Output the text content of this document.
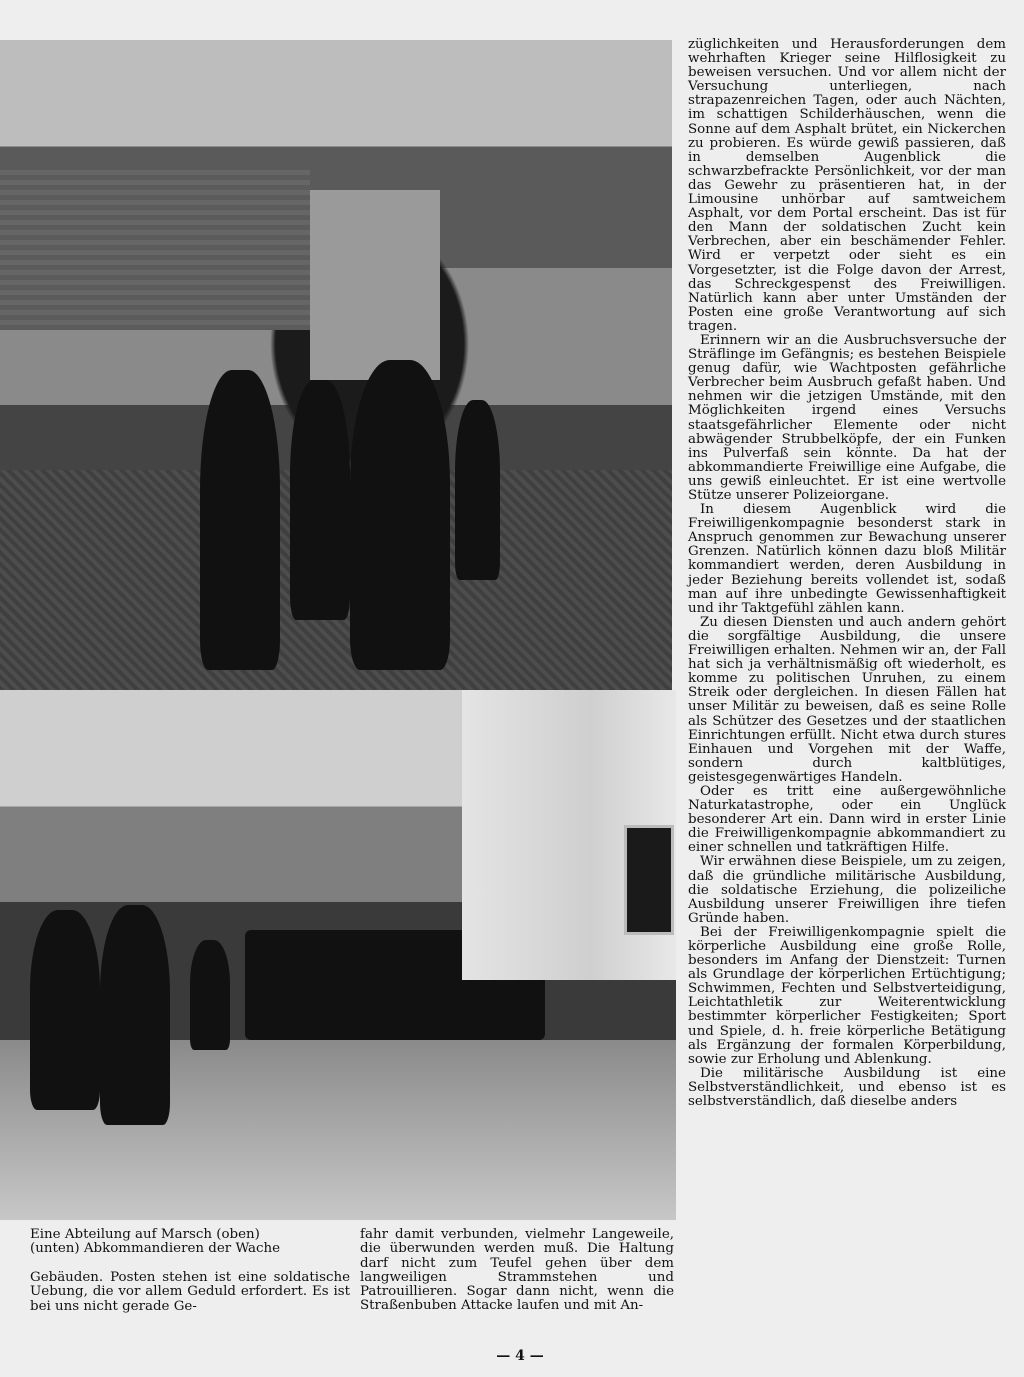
züglichkeiten und Herausforderungen dem wehrhaften Krieger seine Hilflosigkeit zu beweisen versuchen. Und vor allem nicht der Versuchung unterliegen, nach strapazenreichen Tagen, oder auch Nächten, im schattigen Schilderhäuschen, wenn die Sonne auf dem Asphalt brütet, ein Nickerchen zu probieren. Es würde gewiß passieren, daß in demselben Augenblick die schwarzbefrackte Persönlichkeit, vor der man das Gewehr zu präsentieren hat, in der Limousine unhörbar auf samtweichem Asphalt, vor dem Portal erscheint. Das ist für den Mann der soldatischen Zucht kein Verbrechen, aber ein beschämender Fehler. Wird er verpetzt oder sieht es ein Vorgesetzter, ist die Folge davon der Arrest, das Schreckgespenst des Freiwilligen. Natürlich kann aber unter Umständen der Posten eine große Verantwortung auf sich tragen.

Erinnern wir an die Ausbruchsversuche der Sträflinge im Gefängnis; es bestehen Beispiele genug dafür, wie Wachtposten gefährliche Verbrecher beim Ausbruch gefaßt haben. Und nehmen wir die jetzigen Umstände, mit den Möglichkeiten irgend eines Versuchs staatsgefährlicher Elemente oder nicht abwägender Strubbelköpfe, der ein Funken ins Pulverfaß sein könnte. Da hat der abkommandierte Freiwillige eine Aufgabe, die uns gewiß einleuchtet. Er ist eine wertvolle Stütze unserer Polizeiorgane.

In diesem Augenblick wird die Freiwilligenkompagnie besonderst stark in Anspruch genommen zur Bewachung unserer Grenzen. Natürlich können dazu bloß Militär kommandiert werden, deren Ausbildung in jeder Beziehung bereits vollendet ist, sodaß man auf ihre unbedingte Gewissenhaftigkeit und ihr Taktgefühl zählen kann.

Zu diesen Diensten und auch andern gehört die sorgfältige Ausbildung, die unsere Freiwilligen erhalten. Nehmen wir an, der Fall hat sich ja verhältnismäßig oft wiederholt, es komme zu politischen Unruhen, zu einem Streik oder dergleichen. In diesen Fällen hat unser Militär zu beweisen, daß es seine Rolle als Schützer des Gesetzes und der staatlichen Einrichtungen erfüllt. Nicht etwa durch stures Einhauen und Vorgehen mit der Waffe, sondern durch kaltblütiges, geistesgegenwärtiges Handeln.

Oder es tritt eine außergewöhnliche Naturkatastrophe, oder ein Unglück besonderer Art ein. Dann wird in erster Linie die Freiwilligenkompagnie abkommandiert zu einer schnellen und tatkräftigen Hilfe.

Wir erwähnen diese Beispiele, um zu zeigen, daß die gründliche militärische Ausbildung, die soldatische Erziehung, die polizeiliche Ausbildung unserer Freiwilligen ihre tiefen Gründe haben.

Bei der Freiwilligenkompagnie spielt die körperliche Ausbildung eine große Rolle, besonders im Anfang der Dienstzeit: Turnen als Grundlage der körperlichen Ertüchtigung; Schwimmen, Fechten und Selbstverteidigung, Leichtathletik zur Weiterentwicklung bestimmter körperlicher Festigkeiten; Sport und Spiele, d. h. freie körperliche Betätigung als Ergänzung der formalen Körperbildung, sowie zur Erholung und Ablenkung.

Die militärische Ausbildung ist eine Selbstverständlichkeit, und ebenso ist es selbstverständlich, daß dieselbe anders

Eine Abteilung auf Marsch (oben)
(unten) Abkommandieren der Wache

Gebäuden. Posten stehen ist eine soldatische Uebung, die vor allem Geduld erfordert. Es ist bei uns nicht gerade Ge-

fahr damit verbunden, vielmehr Langeweile, die überwunden werden muß. Die Haltung darf nicht zum Teufel gehen über dem langweiligen Strammstehen und Patrouillieren. Sogar dann nicht, wenn die Straßenbuben Attacke laufen und mit An-

— 4 —
